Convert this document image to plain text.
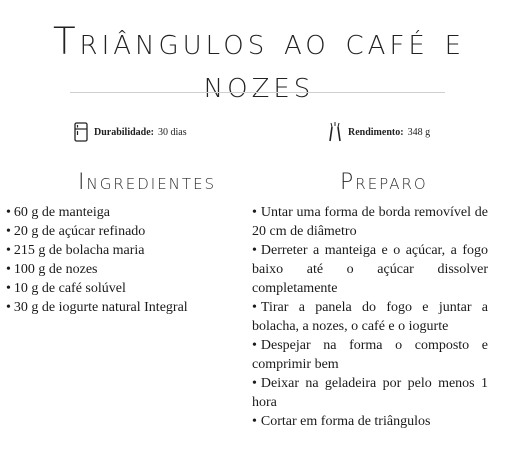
Triângulos ao café e nozes
Durabilidade: 30 dias	Rendimento: 348 g
Ingredientes	Preparo
• 60 g de manteiga
• 20 g de açúcar refinado
• 215 g de bolacha maria
• 100 g de nozes
• 10 g de café solúvel
• 30 g de iogurte natural Integral
• Untar uma forma de borda removível de 20 cm de diâmetro
• Derreter a manteiga e o açúcar, a fogo baixo até o açúcar dissolver completamente
• Tirar a panela do fogo e juntar a bolacha, a nozes, o café e o iogurte
• Despejar na forma o composto e comprimir bem
• Deixar na geladeira por pelo menos 1 hora
• Cortar em forma de triângulos
